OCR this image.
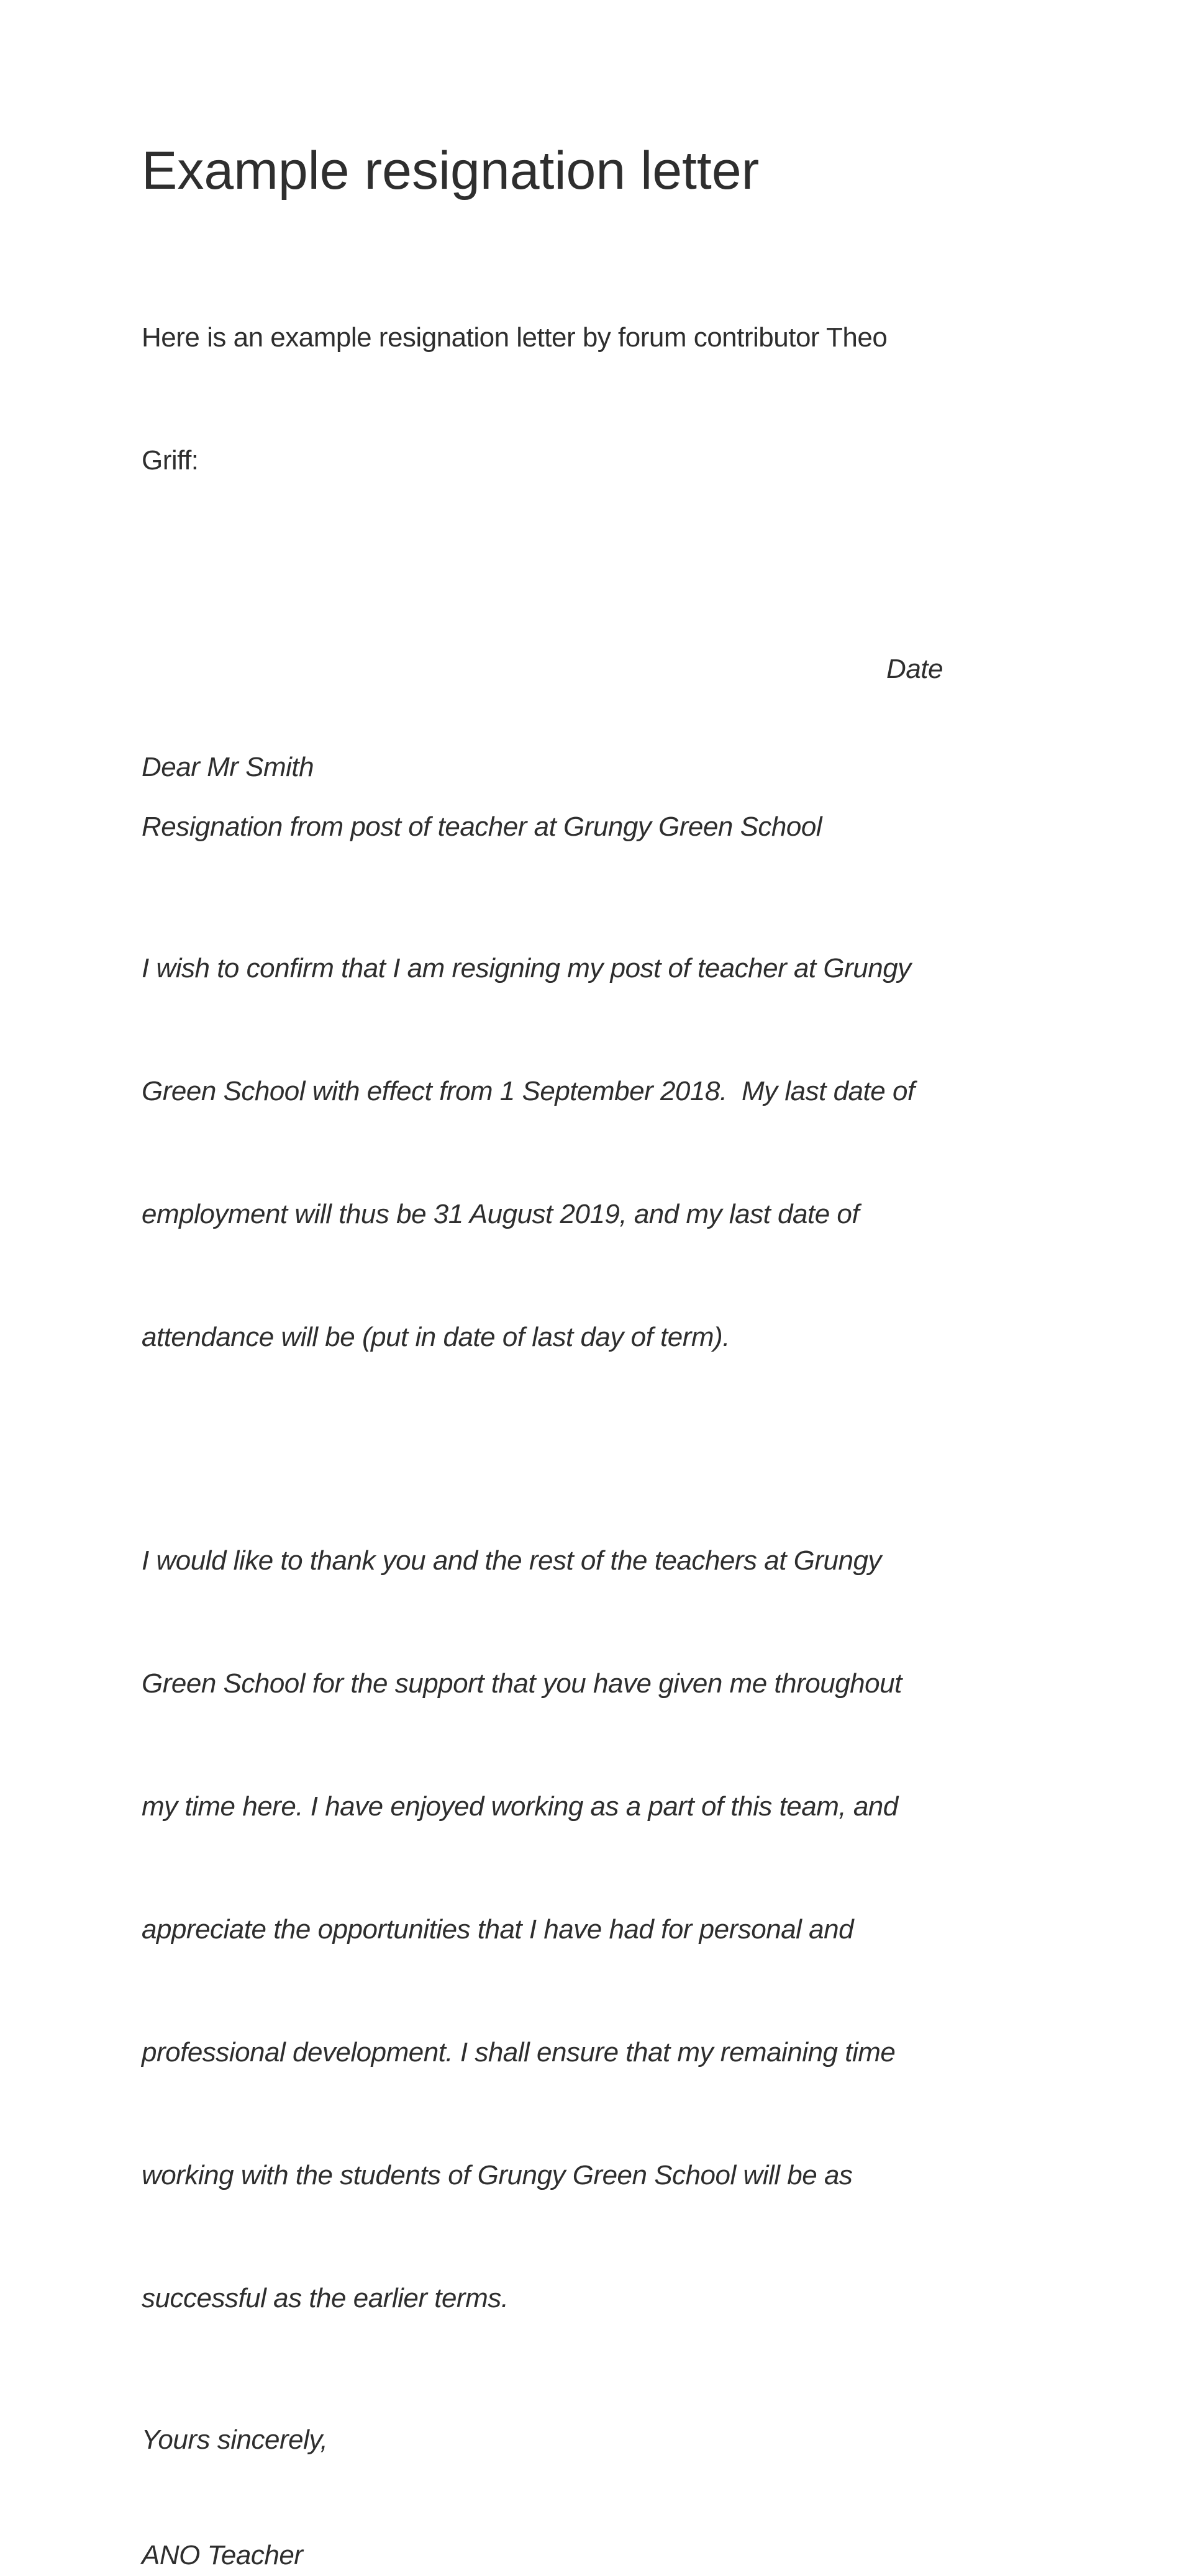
Example resignation letter

Here is an example resignation letter by forum contributor Theo

Griff:

Date

Dear Mr Smith

Resignation from post of teacher at Grungy Green School

I wish to confirm that I am resigning my post of teacher at Grungy

Green School with effect from 1 September 2018.  My last date of

employment will thus be 31 August 2019, and my last date of

attendance will be (put in date of last day of term).

I would like to thank you and the rest of the teachers at Grungy

Green School for the support that you have given me throughout

my time here. I have enjoyed working as a part of this team, and

appreciate the opportunities that I have had for personal and

professional development. I shall ensure that my remaining time

working with the students of Grungy Green School will be as

successful as the earlier terms.

Yours sincerely,

ANO Teacher
